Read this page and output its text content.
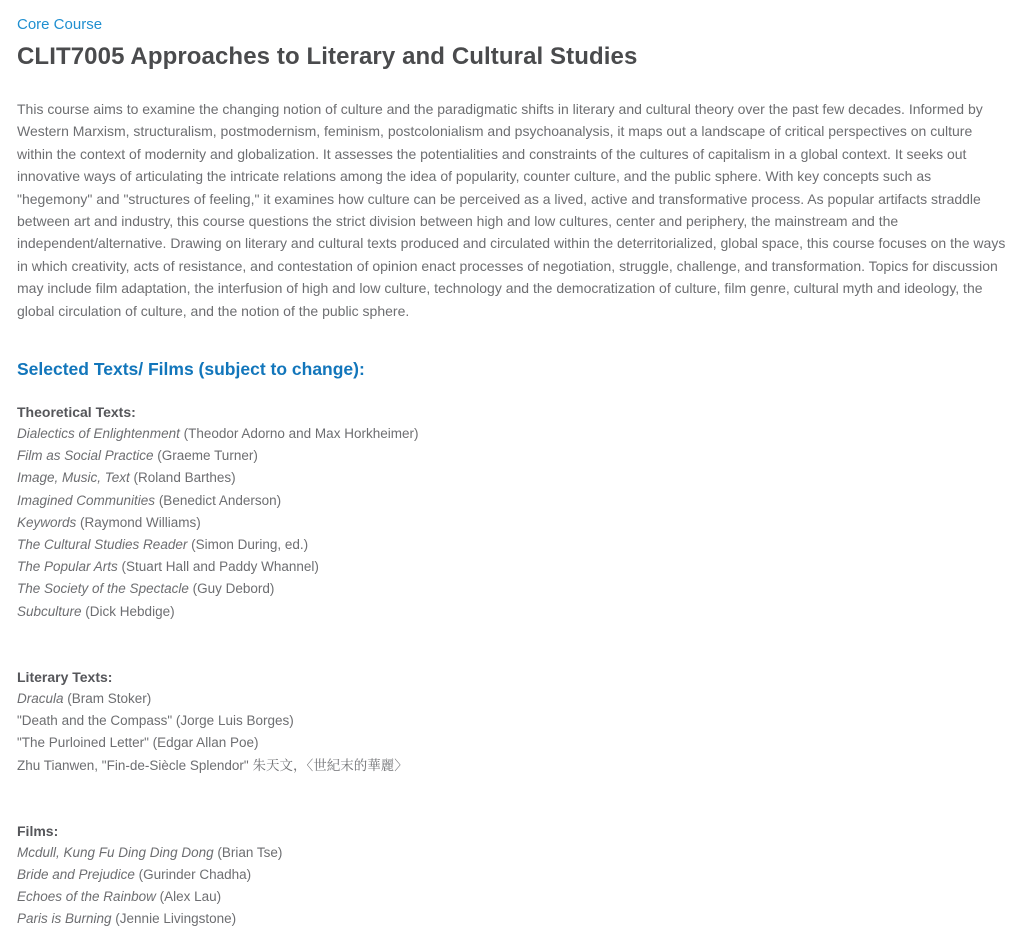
Core Course
CLIT7005 Approaches to Literary and Cultural Studies

This course aims to examine the changing notion of culture and the paradigmatic shifts in literary and cultural theory over the past few decades. Informed by Western Marxism, structuralism, postmodernism, feminism, postcolonialism and psychoanalysis, it maps out a landscape of critical perspectives on culture within the context of modernity and globalization. It assesses the potentialities and constraints of the cultures of capitalism in a global context. It seeks out innovative ways of articulating the intricate relations among the idea of popularity, counter culture, and the public sphere. With key concepts such as "hegemony" and "structures of feeling," it examines how culture can be perceived as a lived, active and transformative process. As popular artifacts straddle between art and industry, this course questions the strict division between high and low cultures, center and periphery, the mainstream and the independent/alternative. Drawing on literary and cultural texts produced and circulated within the deterritorialized, global space, this course focuses on the ways in which creativity, acts of resistance, and contestation of opinion enact processes of negotiation, struggle, challenge, and transformation. Topics for discussion may include film adaptation, the interfusion of high and low culture, technology and the democratization of culture, film genre, cultural myth and ideology, the global circulation of culture, and the notion of the public sphere.

Selected Texts/ Films (subject to change):
Theoretical Texts:

Dialectics of Enlightenment (Theodor Adorno and Max Horkheimer)

Film as Social Practice (Graeme Turner)

Image, Music, Text (Roland Barthes)

Imagined Communities (Benedict Anderson)

Keywords (Raymond Williams)

The Cultural Studies Reader (Simon During, ed.)

The Popular Arts (Stuart Hall and Paddy Whannel)

The Society of the Spectacle (Guy Debord)

Subculture (Dick Hebdige)

Literary Texts:

Dracula (Bram Stoker)

"Death and the Compass" (Jorge Luis Borges)

"The Purloined Letter" (Edgar Allan Poe)

Zhu Tianwen, "Fin-de-Siècle Splendor" 朱天文，〈世紀末的華麗〉

Films:

Mcdull, Kung Fu Ding Ding Dong (Brian Tse)

Bride and Prejudice (Gurinder Chadha)

Echoes of the Rainbow (Alex Lau)

Paris is Burning (Jennie Livingstone)
